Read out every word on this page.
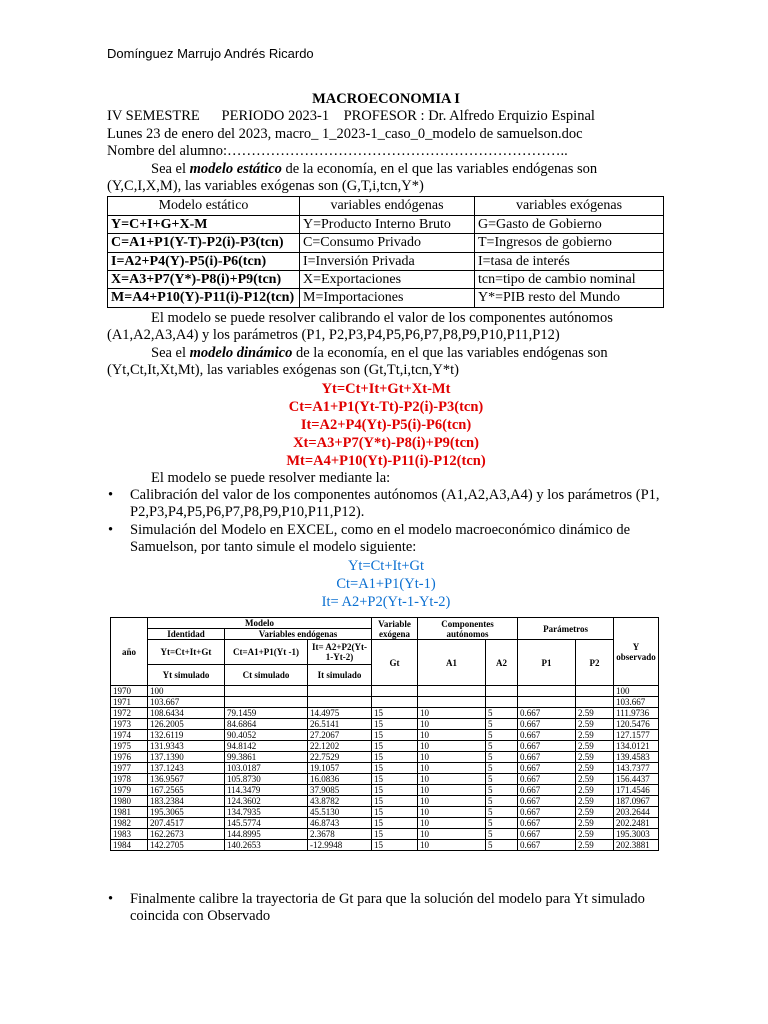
Domínguez Marrujo Andrés Ricardo
MACROECONOMIA I
IV SEMESTRE      PERIODO 2023-1    PROFESOR : Dr. Alfredo Erquizio Espinal
Lunes 23 de enero del 2023, macro_ 1_2023-1_caso_0_modelo de samuelson.doc
Nombre del alumno:……………………………………………………………..
Sea el modelo estático de la economía, en el que las variables endógenas son (Y,C,I,X,M), las variables exógenas son (G,T,i,tcn,Y*)
Modelo estático	variables endógenas	variables exógenas
Y=C+I+G+X-M	Y=Producto Interno Bruto	G=Gasto de Gobierno
C=A1+P1(Y-T)-P2(i)-P3(tcn)	C=Consumo Privado	T=Ingresos de gobierno
I=A2+P4(Y)-P5(i)-P6(tcn)	I=Inversión Privada	I=tasa de interés
X=A3+P7(Y*)-P8(i)+P9(tcn)	X=Exportaciones	tcn=tipo de cambio nominal
M=A4+P10(Y)-P11(i)-P12(tcn)	M=Importaciones	Y*=PIB resto del Mundo
El modelo se puede resolver calibrando el valor de los componentes autónomos (A1,A2,A3,A4) y los parámetros (P1, P2,P3,P4,P5,P6,P7,P8,P9,P10,P11,P12)
Sea el modelo dinámico de la economía, en el que las variables endógenas son (Yt,Ct,It,Xt,Mt), las variables exógenas son (Gt,Tt,i,tcn,Y*t)
Yt=Ct+It+Gt+Xt-Mt
Ct=A1+P1(Yt-Tt)-P2(i)-P3(tcn)
It=A2+P4(Yt)-P5(i)-P6(tcn)
Xt=A3+P7(Y*t)-P8(i)+P9(tcn)
Mt=A4+P10(Yt)-P11(i)-P12(tcn)
El modelo se puede resolver mediante la:
• Calibración del valor de los componentes autónomos (A1,A2,A3,A4) y los parámetros (P1, P2,P3,P4,P5,P6,P7,P8,P9,P10,P11,P12).
• Simulación del Modelo en EXCEL, como en el modelo macroeconómico dinámico de Samuelson, por tanto simule el modelo siguiente:
Yt=Ct+It+Gt
Ct=A1+P1(Yt-1)
It= A2+P2(Yt-1-Yt-2)
año	Modelo			Variable exógena	Componentes autónomos		Parámetros		Y observado
	Identidad	Variables endógenas							
	Yt=Ct+It+Gt	Ct=A1+P1(Yt -1)	It= A2+P2(Yt-1-Yt-2)	Gt	A1	A2	P1	P2	
	Yt simulado	Ct simulado	It simulado						
1970	100								100
1971	103.667								103.667
1972	108.6434	79.1459	14.4975	15	10	5	0.667	2.59	111.9736
1973	126.2005	84.6864	26.5141	15	10	5	0.667	2.59	120.5476
1974	132.6119	90.4052	27.2067	15	10	5	0.667	2.59	127.1577
1975	131.9343	94.8142	22.1202	15	10	5	0.667	2.59	134.0121
1976	137.1390	99.3861	22.7529	15	10	5	0.667	2.59	139.4583
1977	137.1243	103.0187	19.1057	15	10	5	0.667	2.59	143.7377
1978	136.9567	105.8730	16.0836	15	10	5	0.667	2.59	156.4437
1979	167.2565	114.3479	37.9085	15	10	5	0.667	2.59	171.4546
1980	183.2384	124.3602	43.8782	15	10	5	0.667	2.59	187.0967
1981	195.3065	134.7935	45.5130	15	10	5	0.667	2.59	203.2644
1982	207.4517	145.5774	46.8743	15	10	5	0.667	2.59	202.2481
1983	162.2673	144.8995	2.3678	15	10	5	0.667	2.59	195.3003
1984	142.2705	140.2653	-12.9948	15	10	5	0.667	2.59	202.3881
• Finalmente calibre la trayectoria de Gt para que la solución del modelo para Yt simulado coincida con Observado
